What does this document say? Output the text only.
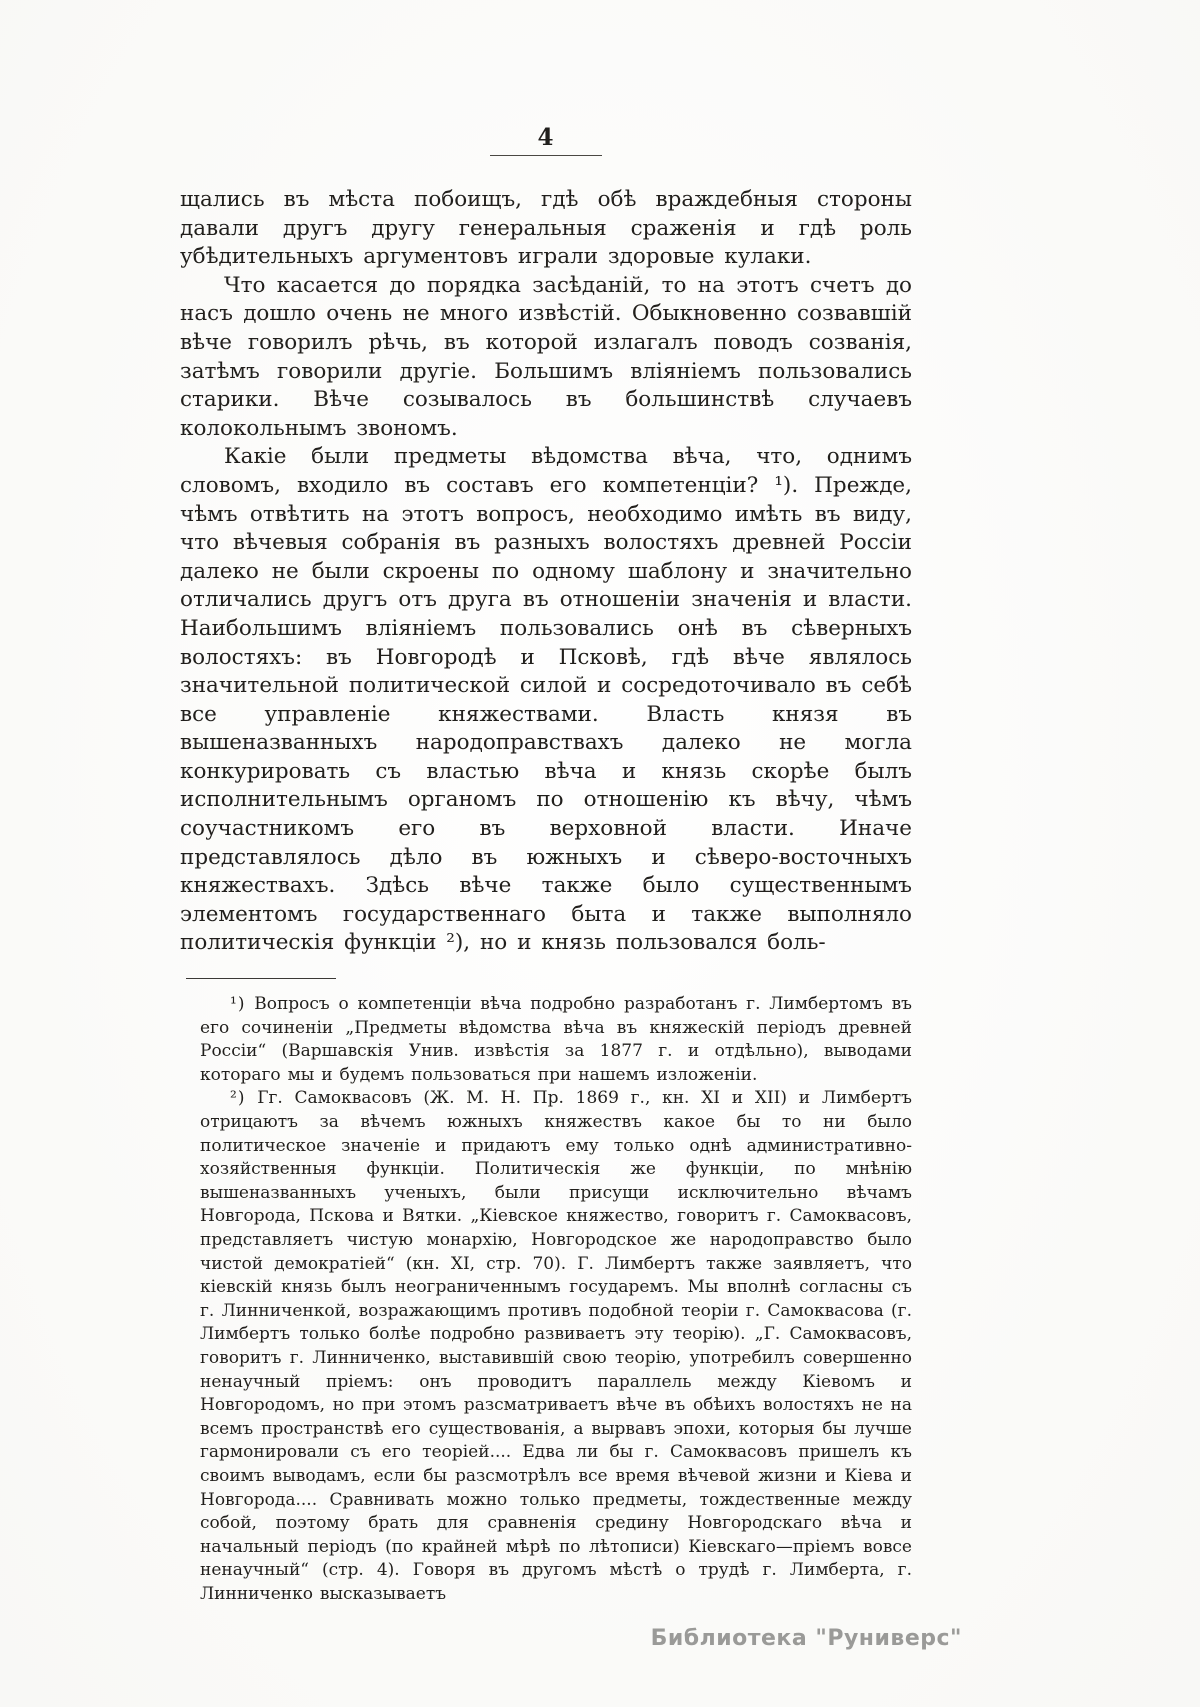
4

щались въ мѣста побоищъ, гдѣ обѣ враждебныя стороны давали другъ другу генеральныя сраженія и гдѣ роль убѣдительныхъ аргументовъ играли здоровые кулаки.

Что касается до порядка засѣданій, то на этотъ счетъ до насъ дошло очень не много извѣстій. Обыкновенно созвавшій вѣче говорилъ рѣчь, въ которой излагалъ поводъ созванія, затѣмъ говорили другіе. Большимъ вліяніемъ пользовались старики. Вѣче созывалось въ большинствѣ случаевъ колокольнымъ звономъ.

Какіе были предметы вѣдомства вѣча, что, однимъ словомъ, входило въ составъ его компетенціи? ¹). Прежде, чѣмъ отвѣтить на этотъ вопросъ, необходимо имѣть въ виду, что вѣчевыя собранія въ разныхъ волостяхъ древней Россіи далеко не были скроены по одному шаблону и значительно отличались другъ отъ друга въ отношеніи значенія и власти. Наибольшимъ вліяніемъ пользовались онѣ въ сѣверныхъ волостяхъ: въ Новгородѣ и Псковѣ, гдѣ вѣче являлось значительной политической силой и сосредоточивало въ себѣ все управленіе княжествами. Власть князя въ вышеназванныхъ народоправствахъ далеко не могла конкурировать съ властью вѣча и князь скорѣе былъ исполнительнымъ органомъ по отношенію къ вѣчу, чѣмъ соучастникомъ его въ верховной власти. Иначе представлялось дѣло въ южныхъ и сѣверо-восточныхъ княжествахъ. Здѣсь вѣче также было существеннымъ элементомъ государственнаго быта и также выполняло политическія функціи ²), но и князь пользовался боль-

¹) Вопросъ о компетенціи вѣча подробно разработанъ г. Лимбертомъ въ его сочиненіи „Предметы вѣдомства вѣча въ княжескій періодъ древней Россіи“ (Варшавскія Унив. извѣстія за 1877 г. и отдѣльно), выводами котораго мы и будемъ пользоваться при нашемъ изложеніи.

²) Гг. Самоквасовъ (Ж. М. Н. Пр. 1869 г., кн. XI и XII) и Лимбертъ отрицаютъ за вѣчемъ южныхъ княжествъ какое бы то ни было политическое значеніе и придаютъ ему только однѣ административно-хозяйственныя функціи. Политическія же функціи, по мнѣнію вышеназванныхъ ученыхъ, были присущи исключительно вѣчамъ Новгорода, Пскова и Вятки. „Кіевское княжество, говоритъ г. Самоквасовъ, представляетъ чистую монархію, Новгородское же народоправство было чистой демократіей“ (кн. XI, стр. 70). Г. Лимбертъ также заявляетъ, что кіевскій князь былъ неограниченнымъ государемъ. Мы вполнѣ согласны съ г. Линниченкой, возражающимъ противъ подобной теоріи г. Самоквасова (г. Лимбертъ только болѣе подробно развиваетъ эту теорію). „Г. Самоквасовъ, говоритъ г. Линниченко, выставившій свою теорію, употребилъ совершенно ненаучный пріемъ: онъ проводитъ параллель между Кіевомъ и Новгородомъ, но при этомъ разсматриваетъ вѣче въ обѣихъ волостяхъ не на всемъ пространствѣ его существованія, а вырвавъ эпохи, которыя бы лучше гармонировали съ его теоріей.... Едва ли бы г. Самоквасовъ пришелъ къ своимъ выводамъ, если бы разсмотрѣлъ все время вѣчевой жизни и Кіева и Новгорода.... Сравнивать можно только предметы, тождественные между собой, поэтому брать для сравненія средину Новгородскаго вѣча и начальный періодъ (по крайней мѣрѣ по лѣтописи) Кіевскаго—пріемъ вовсе ненаучный“ (стр. 4). Говоря въ другомъ мѣстѣ о трудѣ г. Лимберта, г. Линниченко высказываетъ

Библиотека "Руниверс"
